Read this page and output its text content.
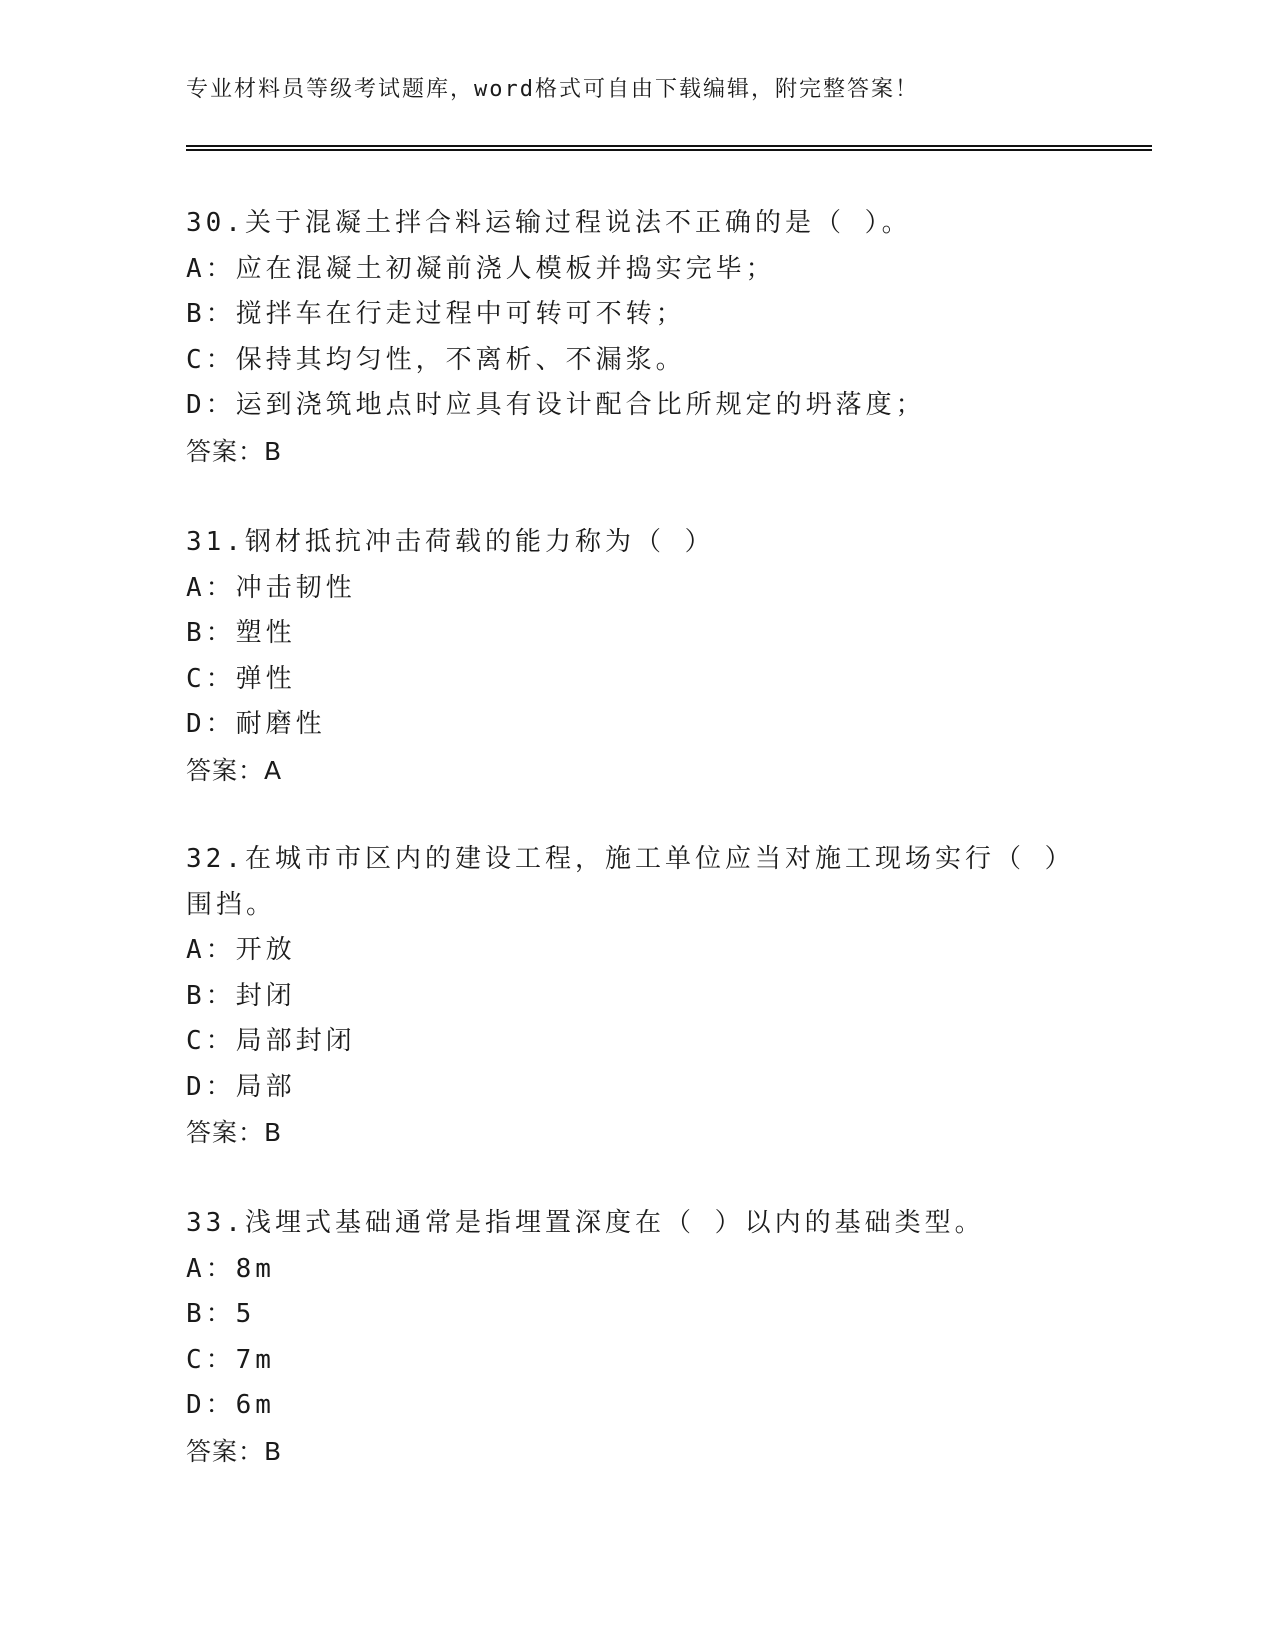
专业材料员等级考试题库，word格式可自由下载编辑，附完整答案！
30.关于混凝土拌合料运输过程说法不正确的是（ ）。
A：应在混凝土初凝前浇人模板并捣实完毕；
B：搅拌车在行走过程中可转可不转；
C：保持其均匀性，不离析、不漏浆。
D：运到浇筑地点时应具有设计配合比所规定的坍落度；
答案：B
31.钢材抵抗冲击荷载的能力称为（ ）
A：冲击韧性
B：塑性
C：弹性
D：耐磨性
答案：A
32.在城市市区内的建设工程，施工单位应当对施工现场实行（ ）围挡。
A：开放
B：封闭
C：局部封闭
D：局部
答案：B
33.浅埋式基础通常是指埋置深度在（ ）以内的基础类型。
A：8m
B：5
C：7m
D：6m
答案：B
